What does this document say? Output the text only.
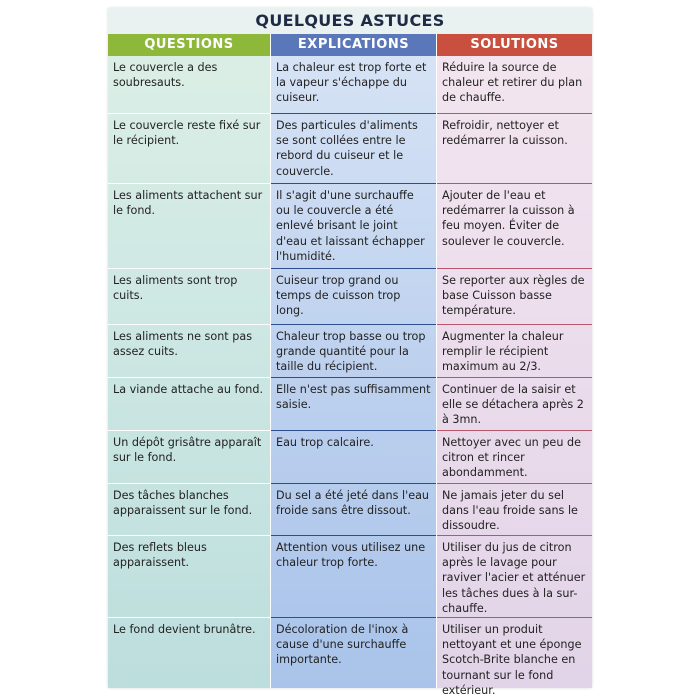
QUELQUES ASTUCES
QUESTIONS
Le couvercle a des soubresauts.
Le couvercle reste fixé sur le récipient.
Les aliments attachent sur le fond.
Les aliments sont trop cuits.
Les aliments ne sont pas assez cuits.
La viande attache au fond.
Un dépôt grisâtre apparaît sur le fond.
Des tâches blanches apparaissent sur le fond.
Des reflets bleus apparaissent.
Le fond devient brunâtre.
EXPLICATIONS
La chaleur est trop forte et la vapeur s'échappe du cuiseur.
Des particules d'aliments se sont collées entre le rebord du cuiseur et le couvercle.
Il s'agit d'une surchauffe ou le couvercle a été enlevé brisant le joint d'eau et laissant échapper l'humidité.
Cuiseur trop grand ou temps de cuisson trop long.
Chaleur trop basse ou trop grande quantité pour la taille du récipient.
Elle n'est pas suffisamment saisie.
Eau trop calcaire.
Du sel a été jeté dans l'eau froide sans être dissout.
Attention vous utilisez une chaleur trop forte.
Décoloration de l'inox à cause d'une surchauffe importante.
SOLUTIONS
Réduire la source de chaleur et retirer du plan de chauffe.
Refroidir, nettoyer et redémarrer la cuisson.
Ajouter de l'eau et redémarrer la cuisson à feu moyen. Éviter de soulever le couvercle.
Se reporter aux règles de base Cuisson basse température.
Augmenter la chaleur remplir le récipient maximum au 2/3.
Continuer de la saisir et elle se détachera après 2 à 3mn.
Nettoyer avec un peu de citron et rincer abondamment.
Ne jamais jeter du sel dans l'eau froide sans le dissoudre.
Utiliser du jus de citron après le lavage pour raviver l'acier et atténuer les tâches dues à la sur-chauffe.
Utiliser un produit nettoyant et une éponge Scotch-Brite blanche en tournant sur le fond extérieur.
